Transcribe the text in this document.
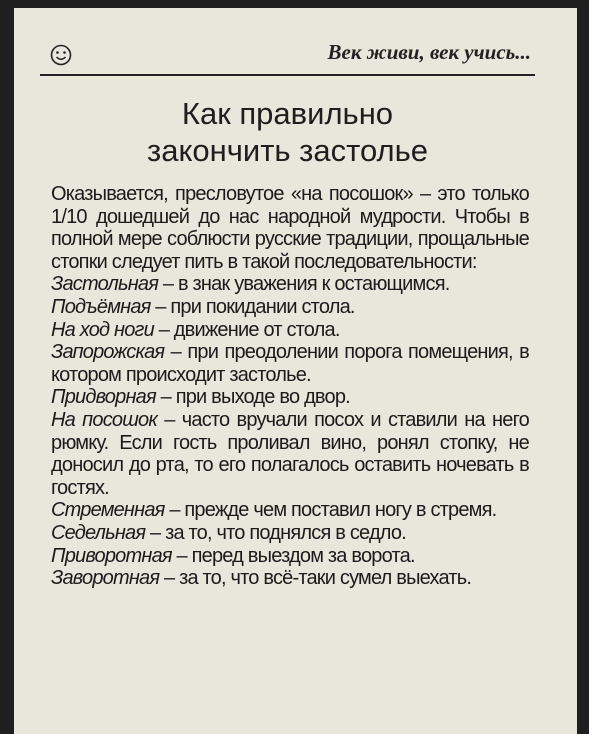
Век живи, век учись...
Как правильно
закончить застолье

Оказывается, пресловутое «на посошок» – это только 1/10 дошедшей до нас народной мудрости. Чтобы в полной мере соблюсти русские традиции, прощальные стопки следует пить в такой последовательности:

Застольная – в знак уважения к остающимся.

Подъёмная – при покидании стола.

На ход ноги – движение от стола.

Запорожская – при преодолении порога помещения, в котором происходит застолье.

Придворная – при выходе во двор.

На посошок – часто вручали посох и ставили на него рюмку. Если гость проливал вино, ронял стопку, не доносил до рта, то его полагалось оставить ночевать в гостях.

Стременная – прежде чем поставил ногу в стремя.

Седельная – за то, что поднялся в седло.

Приворотная – перед выездом за ворота.

Заворотная – за то, что всё-таки сумел выехать.
